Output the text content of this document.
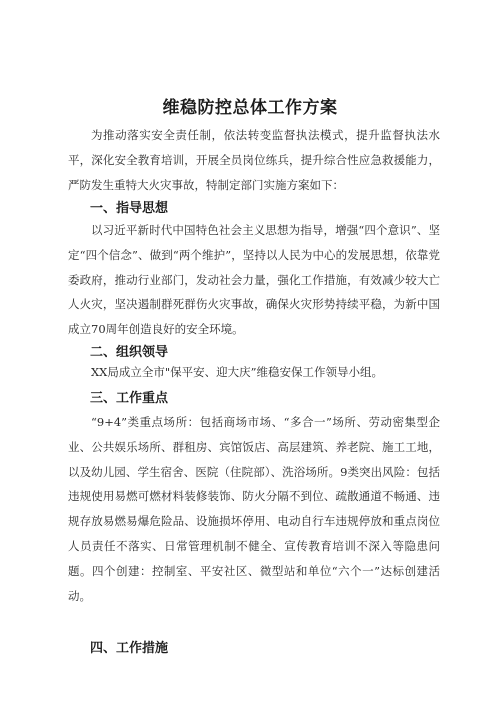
维稳防控总体工作方案
为推动落实安全责任制，依法转变监督执法模式，提升监督执法水平，深化安全教育培训，开展全员岗位练兵，提升综合性应急救援能力，严防发生重特大火灾事故，特制定部门实施方案如下：
一、指导思想
以习近平新时代中国特色社会主义思想为指导，增强“四个意识”、坚定“四个信念”、做到“两个维护”，坚持以人民为中心的发展思想，依靠党委政府，推动行业部门，发动社会力量，强化工作措施，有效减少较大亡人火灾，坚决遏制群死群伤火灾事故，确保火灾形势持续平稳，为新中国成立70周年创造良好的安全环境。
二、组织领导
XX局成立全市"保平安、迎大庆”维稳安保工作领导小组。
三、工作重点
“9+4”类重点场所：包括商场市场、“多合一”场所、劳动密集型企业、公共娱乐场所、群租房、宾馆饭店、高层建筑、养老院、施工工地，以及幼儿园、学生宿舍、医院（住院部）、洗浴场所。9类突出风险：包括违规使用易燃可燃材料装修装饰、防火分隔不到位、疏散通道不畅通、违规存放易燃易爆危险品、设施损坏停用、电动自行车违规停放和重点岗位人员责任不落实、日常管理机制不健全、宣传教育培训不深入等隐患问题。四个创建：控制室、平安社区、微型站和单位“六个一”达标创建活动。
四、工作措施
